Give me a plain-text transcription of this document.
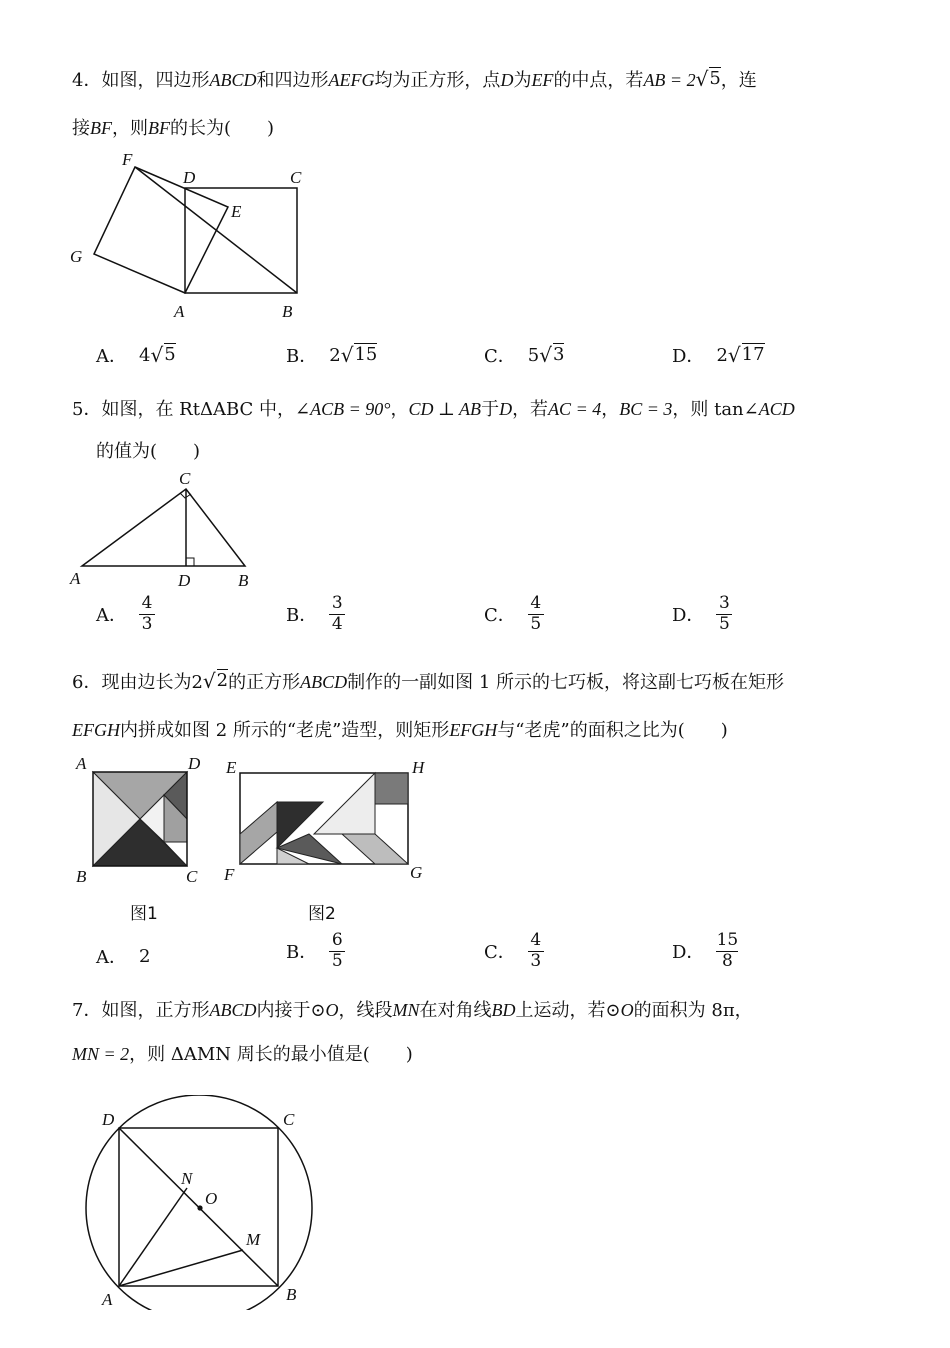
4．如图，四边形ABCD和四边形AEFG均为正方形，点D为EF的中点，若AB = 2 √ 5 ，连
接BF，则BF的长为(　　)
F
D	C
E
G
A	B
A． 4 √ 5	B． 2 √ 15	C． 5 √ 3	D． 2 √ 17
5．如图，在 RtΔABC 中，∠ACB = 90°，CD ⊥ AB于D，若AC = 4，BC = 3，则 tan∠ACD
的值为(　　)
C
A	D	B
A． $\frac{4}{3}$	B． $\frac{3}{4}$	C． $\frac{4}{5}$	D． $\frac{3}{5}$
6．现由边长为2 √ 2 的正方形ABCD制作的一副如图 1 所示的七巧板，将这副七巧板在矩形
EFGH内拼成如图 2 所示的“老虎”造型，则矩形EFGH与“老虎”的面积之比为(　　)
A	D
B	C
图1
E	H
F	G
图2
A． 2	B． $\frac{6}{5}$	C． $\frac{4}{3}$	D． $\frac{15}{8}$
7．如图，正方形ABCD内接于⊙O，线段MN在对角线BD上运动，若⊙O的面积为 8π，
MN = 2，则 ΔAMN 周长的最小值是(　　)
D	C
N
O
M
A	B
